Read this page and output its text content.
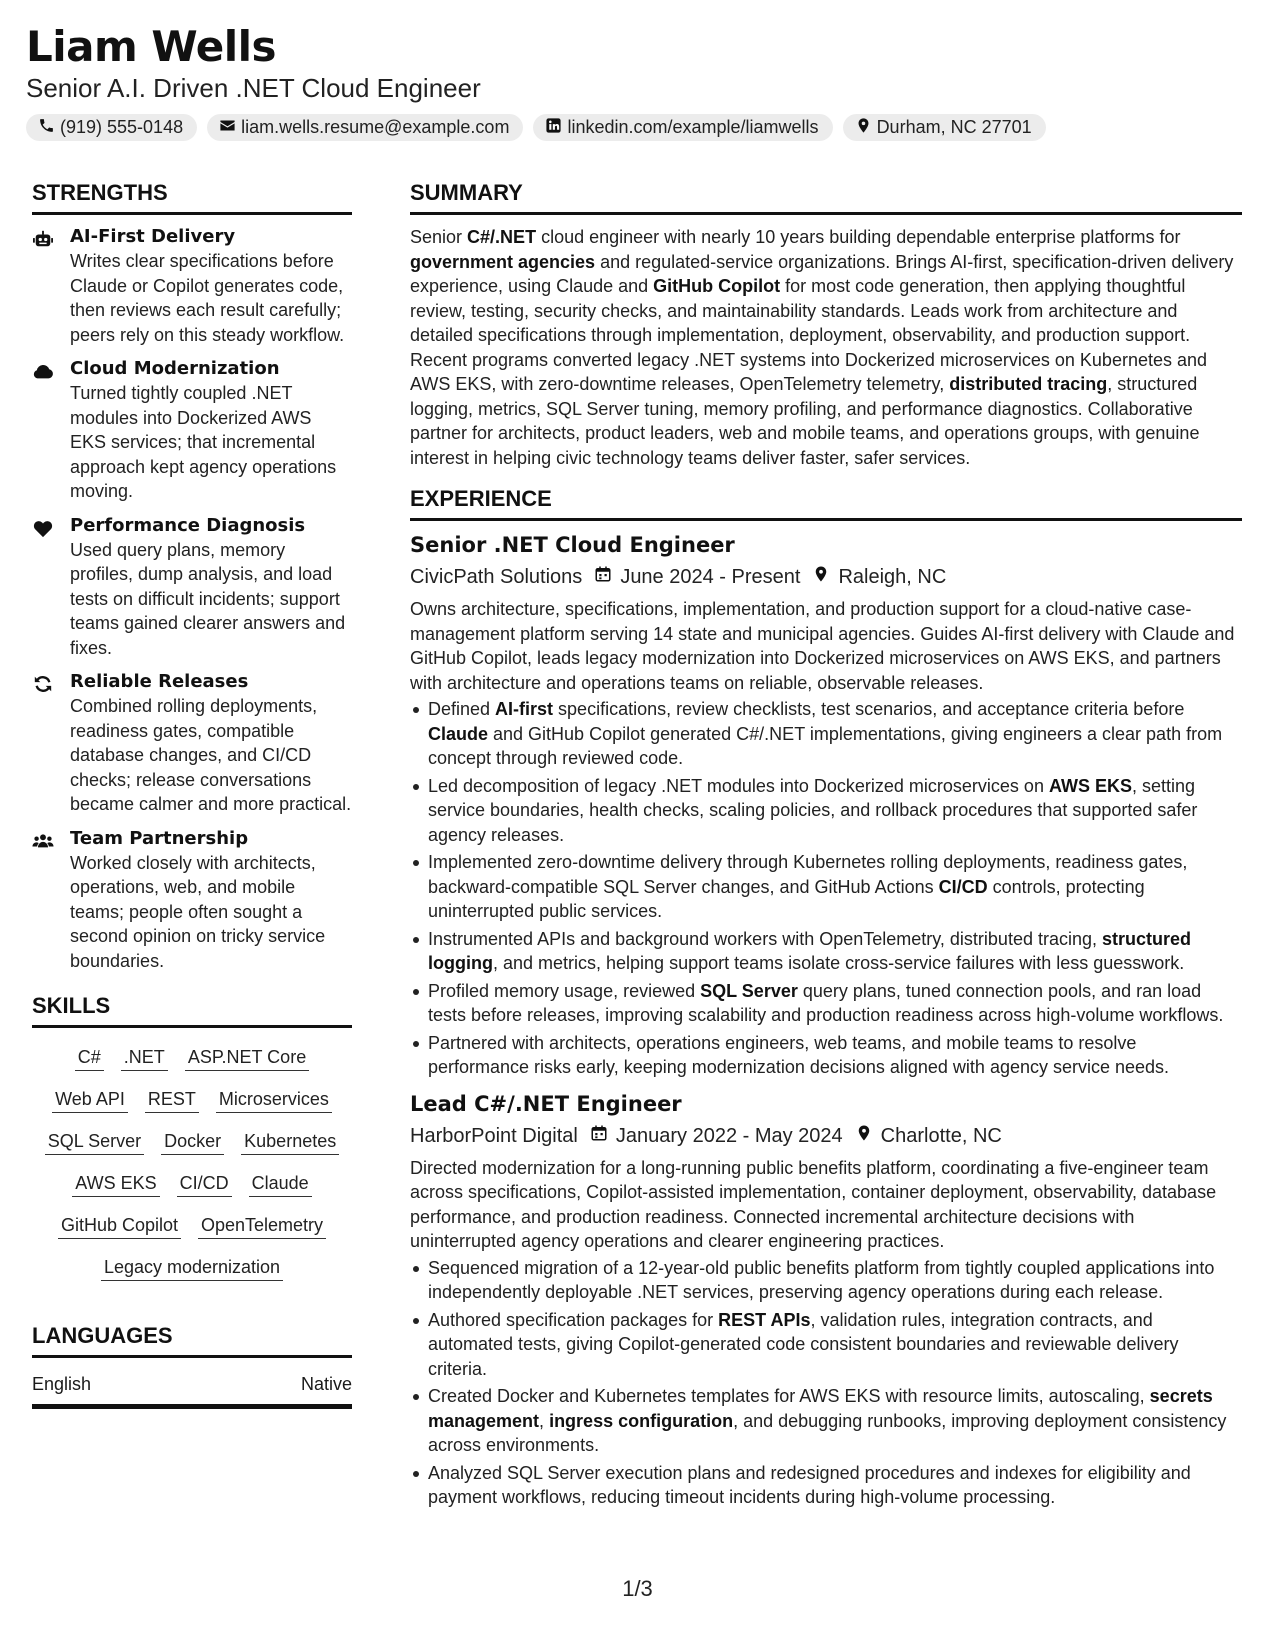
Liam Wells
Senior A.I. Driven .NET Cloud Engineer
(919) 555-0148	liam.wells.resume@example.com	linkedin.com/example/liamwells	Durham, NC 27701
STRENGTHS
AI-First Delivery
Writes clear specifications before Claude or Copilot generates code, then reviews each result carefully; peers rely on this steady workflow.
Cloud Modernization
Turned tightly coupled .NET modules into Dockerized AWS EKS services; that incremental approach kept agency operations moving.
Performance Diagnosis
Used query plans, memory profiles, dump analysis, and load tests on difficult incidents; support teams gained clearer answers and fixes.
Reliable Releases
Combined rolling deployments, readiness gates, compatible database changes, and CI/CD checks; release conversations became calmer and more practical.
Team Partnership
Worked closely with architects, operations, web, and mobile teams; people often sought a second opinion on tricky service boundaries.
SKILLS
C# .NET ASP.NET Core
Web API REST Microservices
SQL Server Docker Kubernetes
AWS EKS CI/CD Claude
GitHub Copilot OpenTelemetry
Legacy modernization
LANGUAGES
English	Native
SUMMARY
Senior C#/.NET cloud engineer with nearly 10 years building dependable enterprise platforms for government agencies and regulated-service organizations. Brings AI-first, specification-driven delivery experience, using Claude and GitHub Copilot for most code generation, then applying thoughtful review, testing, security checks, and maintainability standards. Leads work from architecture and detailed specifications through implementation, deployment, observability, and production support. Recent programs converted legacy .NET systems into Dockerized microservices on Kubernetes and AWS EKS, with zero-downtime releases, OpenTelemetry telemetry, distributed tracing, structured logging, metrics, SQL Server tuning, memory profiling, and performance diagnostics. Collaborative partner for architects, product leaders, web and mobile teams, and operations groups, with genuine interest in helping civic technology teams deliver faster, safer services.
EXPERIENCE
Senior .NET Cloud Engineer
CivicPath Solutions June 2024 - Present Raleigh, NC
Owns architecture, specifications, implementation, and production support for a cloud-native case-management platform serving 14 state and municipal agencies. Guides AI-first delivery with Claude and GitHub Copilot, leads legacy modernization into Dockerized microservices on AWS EKS, and partners with architecture and operations teams on reliable, observable releases.
Defined AI-first specifications, review checklists, test scenarios, and acceptance criteria before Claude and GitHub Copilot generated C#/.NET implementations, giving engineers a clear path from concept through reviewed code.
Led decomposition of legacy .NET modules into Dockerized microservices on AWS EKS, setting service boundaries, health checks, scaling policies, and rollback procedures that supported safer agency releases.
Implemented zero-downtime delivery through Kubernetes rolling deployments, readiness gates, backward-compatible SQL Server changes, and GitHub Actions CI/CD controls, protecting uninterrupted public services.
Instrumented APIs and background workers with OpenTelemetry, distributed tracing, structured logging, and metrics, helping support teams isolate cross-service failures with less guesswork.
Profiled memory usage, reviewed SQL Server query plans, tuned connection pools, and ran load tests before releases, improving scalability and production readiness across high-volume workflows.
Partnered with architects, operations engineers, web teams, and mobile teams to resolve performance risks early, keeping modernization decisions aligned with agency service needs.
Lead C#/.NET Engineer
HarborPoint Digital January 2022 - May 2024 Charlotte, NC
Directed modernization for a long-running public benefits platform, coordinating a five-engineer team across specifications, Copilot-assisted implementation, container deployment, observability, database performance, and production readiness. Connected incremental architecture decisions with uninterrupted agency operations and clearer engineering practices.
Sequenced migration of a 12-year-old public benefits platform from tightly coupled applications into independently deployable .NET services, preserving agency operations during each release.
Authored specification packages for REST APIs, validation rules, integration contracts, and automated tests, giving Copilot-generated code consistent boundaries and reviewable delivery criteria.
Created Docker and Kubernetes templates for AWS EKS with resource limits, autoscaling, secrets management, ingress configuration, and debugging runbooks, improving deployment consistency across environments.
Analyzed SQL Server execution plans and redesigned procedures and indexes for eligibility and payment workflows, reducing timeout incidents during high-volume processing.
1/3
